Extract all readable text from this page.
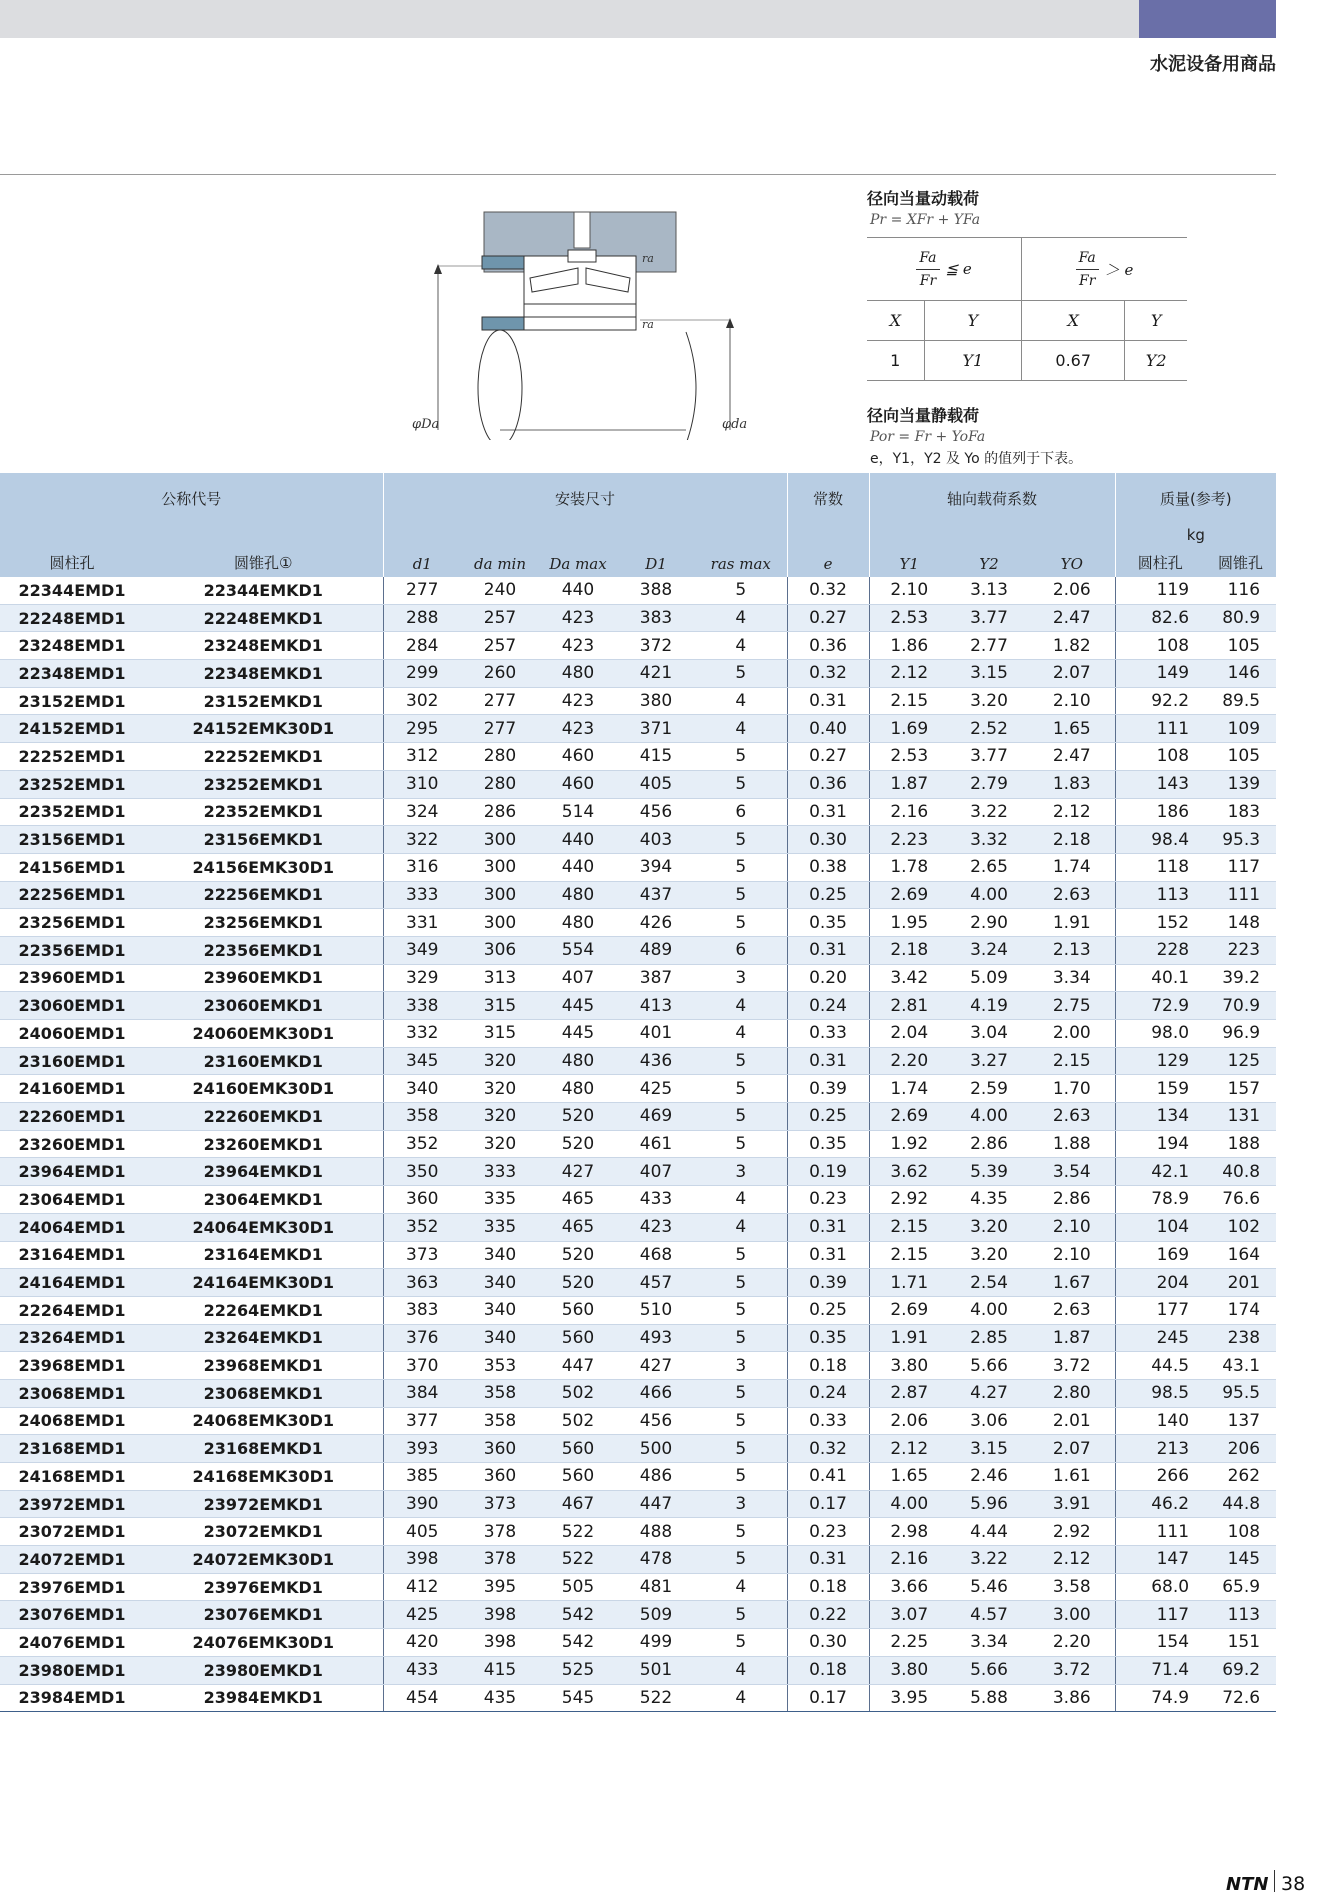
水泥设备用商品
ra
ra
φDa	φda

径向当量动载荷

Pr = XFr + YFa

$\frac{Fa}{Fr}$ ≦ e		$\frac{Fa}{Fr} > e$	
X	Y	X	Y
1	Y1	0.67	Y2

径向当量静载荷

Por = Fr + YoFa

e，Y1，Y2 及 Yo 的值列于下表。

公称代号		安装尺寸					常数	轴向载荷系数			质量(参考)	
											kg	
圆柱孔	圆锥孔①	d1	da min	Da max	D1	ras max	e	Y1	Y2	YO	圆柱孔	圆锥孔
22344EMD1	22344EMKD1	277	240	440	388	5	0.32	2.10	3.13	2.06	119	116
22248EMD1	22248EMKD1	288	257	423	383	4	0.27	2.53	3.77	2.47	82.6	80.9
23248EMD1	23248EMKD1	284	257	423	372	4	0.36	1.86	2.77	1.82	108	105
22348EMD1	22348EMKD1	299	260	480	421	5	0.32	2.12	3.15	2.07	149	146
23152EMD1	23152EMKD1	302	277	423	380	4	0.31	2.15	3.20	2.10	92.2	89.5
24152EMD1	24152EMK30D1	295	277	423	371	4	0.40	1.69	2.52	1.65	111	109
22252EMD1	22252EMKD1	312	280	460	415	5	0.27	2.53	3.77	2.47	108	105
23252EMD1	23252EMKD1	310	280	460	405	5	0.36	1.87	2.79	1.83	143	139
22352EMD1	22352EMKD1	324	286	514	456	6	0.31	2.16	3.22	2.12	186	183
23156EMD1	23156EMKD1	322	300	440	403	5	0.30	2.23	3.32	2.18	98.4	95.3
24156EMD1	24156EMK30D1	316	300	440	394	5	0.38	1.78	2.65	1.74	118	117
22256EMD1	22256EMKD1	333	300	480	437	5	0.25	2.69	4.00	2.63	113	111
23256EMD1	23256EMKD1	331	300	480	426	5	0.35	1.95	2.90	1.91	152	148
22356EMD1	22356EMKD1	349	306	554	489	6	0.31	2.18	3.24	2.13	228	223
23960EMD1	23960EMKD1	329	313	407	387	3	0.20	3.42	5.09	3.34	40.1	39.2
23060EMD1	23060EMKD1	338	315	445	413	4	0.24	2.81	4.19	2.75	72.9	70.9
24060EMD1	24060EMK30D1	332	315	445	401	4	0.33	2.04	3.04	2.00	98.0	96.9
23160EMD1	23160EMKD1	345	320	480	436	5	0.31	2.20	3.27	2.15	129	125
24160EMD1	24160EMK30D1	340	320	480	425	5	0.39	1.74	2.59	1.70	159	157
22260EMD1	22260EMKD1	358	320	520	469	5	0.25	2.69	4.00	2.63	134	131
23260EMD1	23260EMKD1	352	320	520	461	5	0.35	1.92	2.86	1.88	194	188
23964EMD1	23964EMKD1	350	333	427	407	3	0.19	3.62	5.39	3.54	42.1	40.8
23064EMD1	23064EMKD1	360	335	465	433	4	0.23	2.92	4.35	2.86	78.9	76.6
24064EMD1	24064EMK30D1	352	335	465	423	4	0.31	2.15	3.20	2.10	104	102
23164EMD1	23164EMKD1	373	340	520	468	5	0.31	2.15	3.20	2.10	169	164
24164EMD1	24164EMK30D1	363	340	520	457	5	0.39	1.71	2.54	1.67	204	201
22264EMD1	22264EMKD1	383	340	560	510	5	0.25	2.69	4.00	2.63	177	174
23264EMD1	23264EMKD1	376	340	560	493	5	0.35	1.91	2.85	1.87	245	238
23968EMD1	23968EMKD1	370	353	447	427	3	0.18	3.80	5.66	3.72	44.5	43.1
23068EMD1	23068EMKD1	384	358	502	466	5	0.24	2.87	4.27	2.80	98.5	95.5
24068EMD1	24068EMK30D1	377	358	502	456	5	0.33	2.06	3.06	2.01	140	137
23168EMD1	23168EMKD1	393	360	560	500	5	0.32	2.12	3.15	2.07	213	206
24168EMD1	24168EMK30D1	385	360	560	486	5	0.41	1.65	2.46	1.61	266	262
23972EMD1	23972EMKD1	390	373	467	447	3	0.17	4.00	5.96	3.91	46.2	44.8
23072EMD1	23072EMKD1	405	378	522	488	5	0.23	2.98	4.44	2.92	111	108
24072EMD1	24072EMK30D1	398	378	522	478	5	0.31	2.16	3.22	2.12	147	145
23976EMD1	23976EMKD1	412	395	505	481	4	0.18	3.66	5.46	3.58	68.0	65.9
23076EMD1	23076EMKD1	425	398	542	509	5	0.22	3.07	4.57	3.00	117	113
24076EMD1	24076EMK30D1	420	398	542	499	5	0.30	2.25	3.34	2.20	154	151
23980EMD1	23980EMKD1	433	415	525	501	4	0.18	3.80	5.66	3.72	71.4	69.2
23984EMD1	23984EMKD1	454	435	545	522	4	0.17	3.95	5.88	3.86	74.9	72.6
NTN 38
